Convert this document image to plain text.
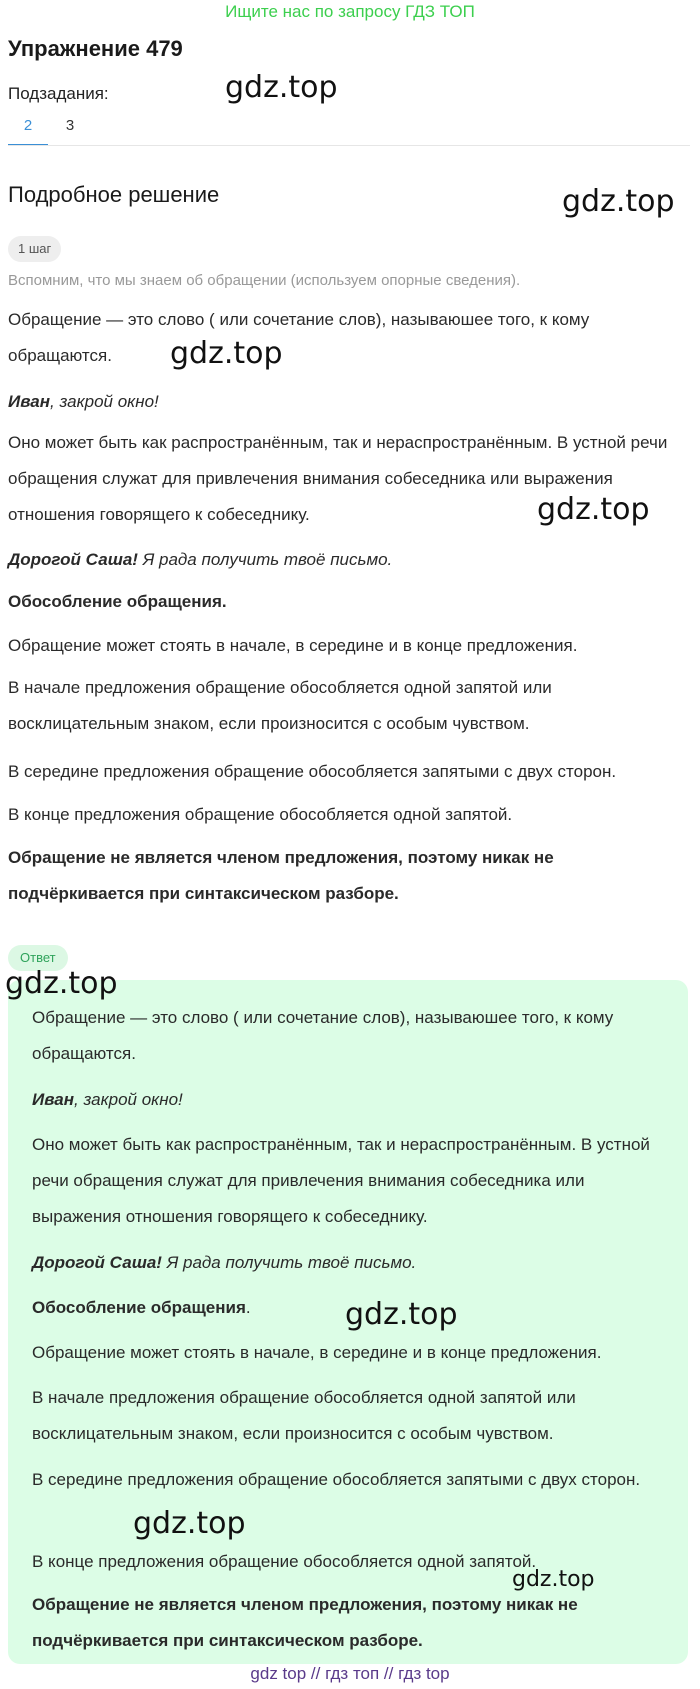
Ищите нас по запросу ГДЗ ТОП
Упражнение 479
Подзадания:
2	3
Подробное решение
1 шаг
Вспомним, что мы знаем об обращении (используем опорные сведения).
Обращение — это слово ( или сочетание слов), называюшее того, к кому обращаются.
Иван, закрой окно!
Оно может быть как распространённым, так и нераспространённым. В устной речи обращения служат для привлечения внимания собеседника или выражения отношения говорящего к собеседнику.
Дорогой Саша! Я рада получить твоё письмо.
Обособление обращения.
Обращение может стоять в начале, в середине и в конце предложения.
В начале предложения обращение обособляется одной запятой или восклицательным знаком, если произносится с особым чувством.
В середине предложения обращение обособляется запятыми с двух сторон.
В конце предложения обращение обособляется одной запятой.
Обращение не является членом предложения, поэтому никак не подчёркивается при синтаксическом разборе.
Ответ
Обращение — это слово ( или сочетание слов), называюшее того, к кому обращаются.
Иван, закрой окно!
Оно может быть как распространённым, так и нераспространённым. В устной речи обращения служат для привлечения внимания собеседника или выражения отношения говорящего к собеседнику.
Дорогой Саша! Я рада получить твоё письмо.
Обособление обращения.
Обращение может стоять в начале, в середине и в конце предложения.
В начале предложения обращение обособляется одной запятой или восклицательным знаком, если произносится с особым чувством.
В середине предложения обращение обособляется запятыми с двух сторон.
В конце предложения обращение обособляется одной запятой.
Обращение не является членом предложения, поэтому никак не подчёркивается при синтаксическом разборе.
gdz.top
gdz.top
gdz.top
gdz.top
gdz.top
gdz.top
gdz.top
gdz.top
gdz top // гдз топ // гдз top
